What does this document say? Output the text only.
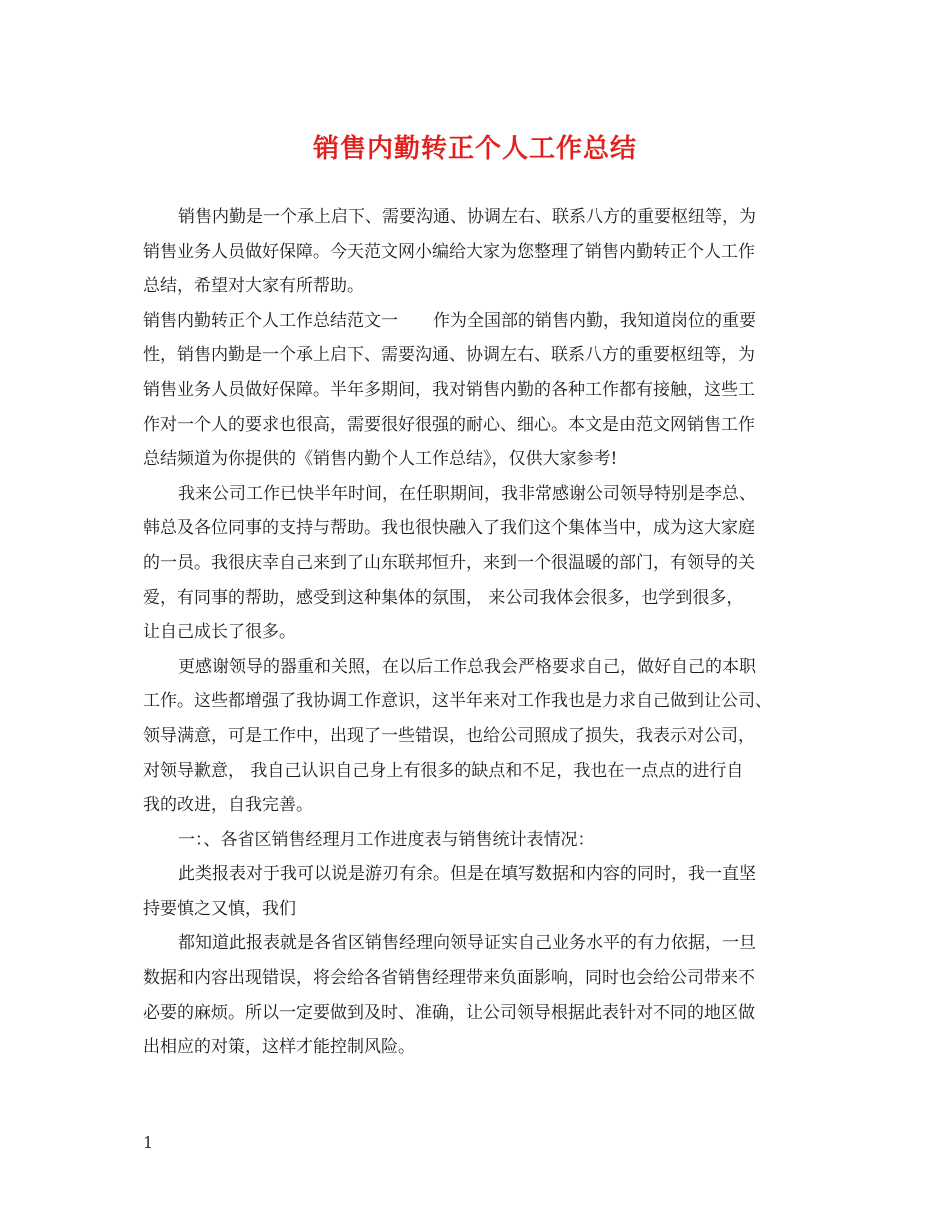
销售内勤转正个人工作总结
销售内勤是一个承上启下、需要沟通、协调左右、联系八方的重要枢纽等，为
销售业务人员做好保障。今天范文网小编给大家为您整理了销售内勤转正个人工作
总结，希望对大家有所帮助。
销售内勤转正个人工作总结范文一 作为全国部的销售内勤，我知道岗位的重要
性，销售内勤是一个承上启下、需要沟通、协调左右、联系八方的重要枢纽等，为
销售业务人员做好保障。半年多期间，我对销售内勤的各种工作都有接触，这些工
作对一个人的要求也很高，需要很好很强的耐心、细心。本文是由范文网销售工作
总结频道为你提供的《销售内勤个人工作总结》，仅供大家参考!
我来公司工作已快半年时间，在任职期间，我非常感谢公司领导特别是李总、
韩总及各位同事的支持与帮助。我也很快融入了我们这个集体当中，成为这大家庭
的一员。我很庆幸自己来到了山东联邦恒升，来到一个很温暖的部门，有领导的关
爱，有同事的帮助，感受到这种集体的氛围， 来公司我体会很多，也学到很多，
让自己成长了很多。
更感谢领导的器重和关照，在以后工作总我会严格要求自己，做好自己的本职
工作。这些都增强了我协调工作意识，这半年来对工作我也是力求自己做到让公司、
领导满意，可是工作中，出现了一些错误，也给公司照成了损失，我表示对公司，
对领导歉意， 我自己认识自己身上有很多的缺点和不足，我也在一点点的进行自
我的改进，自我完善。
一：、各省区销售经理月工作进度表与销售统计表情况：
此类报表对于我可以说是游刃有余。但是在填写数据和内容的同时，我一直坚
持要慎之又慎，我们
都知道此报表就是各省区销售经理向领导证实自己业务水平的有力依据，一旦
数据和内容出现错误，将会给各省销售经理带来负面影响，同时也会给公司带来不
必要的麻烦。所以一定要做到及时、准确，让公司领导根据此表针对不同的地区做
出相应的对策，这样才能控制风险。
1
